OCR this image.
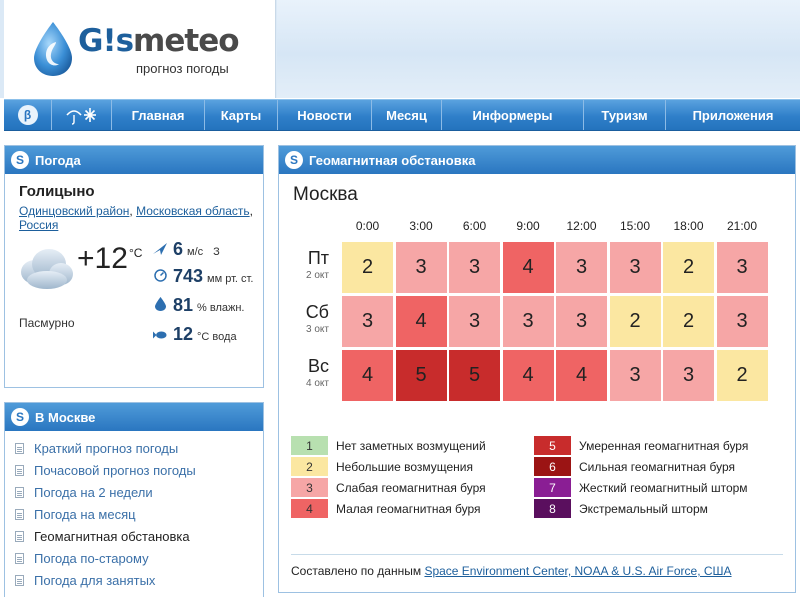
G!smeteo
прогноз погоды
β	Главная	Карты	Новости	Месяц	Информеры	Туризм	Приложения
S Погода
Голицыно
Одинцовский район, Московская область,
Россия
+12 °C 6 м/с З
743 мм рт. ст.
81 % влажн.
12 °С вода
Пасмурно
S В Москве
Краткий прогноз погоды
Почасовой прогноз погоды
Погода на 2 недели
Погода на месяц
Геомагнитная обстановка
Погода по-старому
Погода для занятых
S Геомагнитная обстановка
Москва
0:00	3:00	6:00	9:00	12:00	15:00	18:00	21:00
Пт
2 окт	2	3	3	4	3	3	2	3
Сб
3 окт	3	4	3	3	3	2	2	3
Вс
4 окт	4	5	5	4	4	3	3	2
1	Нет заметных возмущений
2	Небольшие возмущения
3	Слабая геомагнитная буря
4	Малая геомагнитная буря
5	Умеренная геомагнитная буря
6	Сильная геомагнитная буря
7	Жесткий геомагнитный шторм
8	Экстремальный шторм
Составлено по данным Space Environment Center, NOAA & U.S. Air Force, США
